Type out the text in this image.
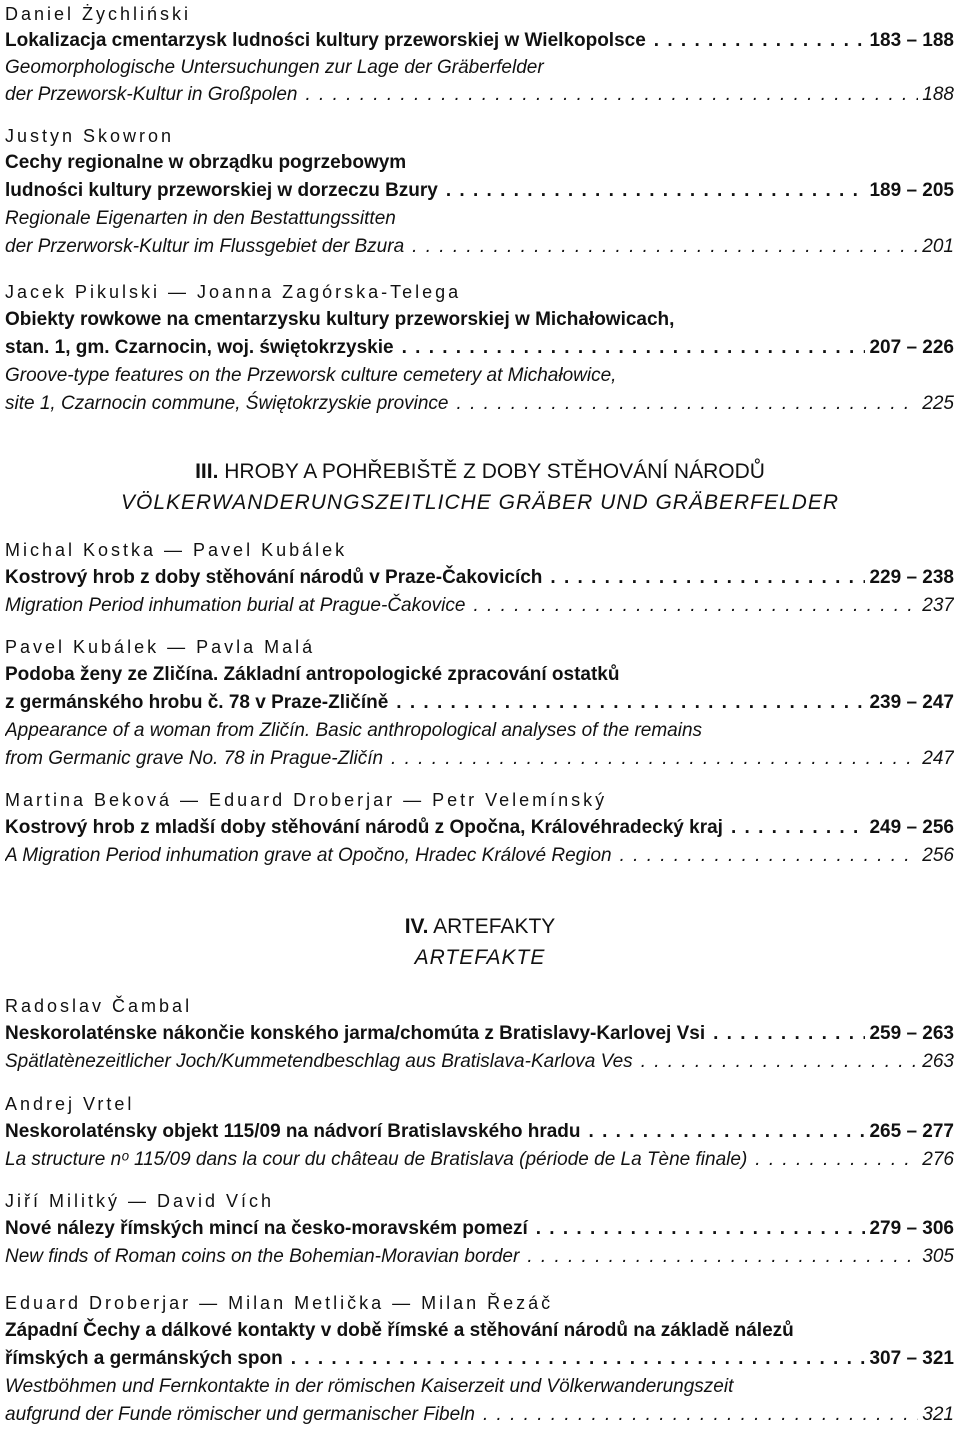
Daniel Żychliński
Lokalizacja cmentarzysk ludności kultury przeworskiej w Wielkopolsce . . .	183 – 188
Geomorphologische Untersuchungen zur Lage der Gräberfelder
der Przeworsk-Kultur in Großpolen . . .	188
Justyn Skowron
Cechy regionalne w obrządku pogrzebowym
ludności kultury przeworskiej w dorzeczu Bzury . . .	189 – 205
Regionale Eigenarten in den Bestattungssitten
der Przerworsk-Kultur im Flussgebiet der Bzura . . .	201
Jacek Pikulski — Joanna Zagórska-Telega
Obiekty rowkowe na cmentarzysku kultury przeworskiej w Michałowicach,
stan. 1, gm. Czarnocin, woj. świętokrzyskie . . .	207 – 226
Groove-type features on the Przeworsk culture cemetery at Michałowice,
site 1, Czarnocin commune, Świętokrzyskie province . . .	225
Michal Kostka — Pavel Kubálek
Kostrový hrob z doby stěhování národů v Praze-Čakovicích . . .	229 – 238
Migration Period inhumation burial at Prague-Čakovice . . .	237
Pavel Kubálek — Pavla Malá
Podoba ženy ze Zličína. Základní antropologické zpracování ostatků
z germánského hrobu č. 78 v Praze-Zličíně . . .	239 – 247
Appearance of a woman from Zličín. Basic anthropological analyses of the remains
from Germanic grave No. 78 in Prague-Zličín . . .	247
Martina Beková — Eduard Droberjar — Petr Velemínský
Kostrový hrob z mladší doby stěhování národů z Opočna, Královéhradecký kraj . . .	249 – 256
A Migration Period inhumation grave at Opočno, Hradec Králové Region . . .	256
Radoslav Čambal
Neskorolaténske nákončie konského jarma/chomúta z Bratislavy-Karlovej Vsi . . .	259 – 263
Spätlatènezeitlicher Joch/Kummetendbeschlag aus Bratislava-Karlova Ves . . .	263
Andrej Vrtel
Neskorolaténsky objekt 115/09 na nádvorí Bratislavského hradu . . .	265 – 277
La structure nᵒ 115/09 dans la cour du château de Bratislava (période de La Tène finale) . . .	276
Jiří Militký — David Vích
Nové nálezy římských mincí na česko-moravském pomezí . . .	279 – 306
New finds of Roman coins on the Bohemian-Moravian border . . .	305
Eduard Droberjar — Milan Metlička — Milan Řezáč
Západní Čechy a dálkové kontakty v době římské a stěhování národů na základě nálezů
římských a germánských spon . . .	307 – 321
Westböhmen und Fernkontakte in der römischen Kaiserzeit und Völkerwanderungszeit
aufgrund der Funde römischer und germanischer Fibeln . . .	321
III. HROBY A POHŘEBIŠTĚ Z DOBY STĚHOVÁNÍ NÁRODŮ
VÖLKERWANDERUNGSZEITLICHE GRÄBER UND GRÄBERFELDER
IV. ARTEFAKTY
ARTEFAKTE
